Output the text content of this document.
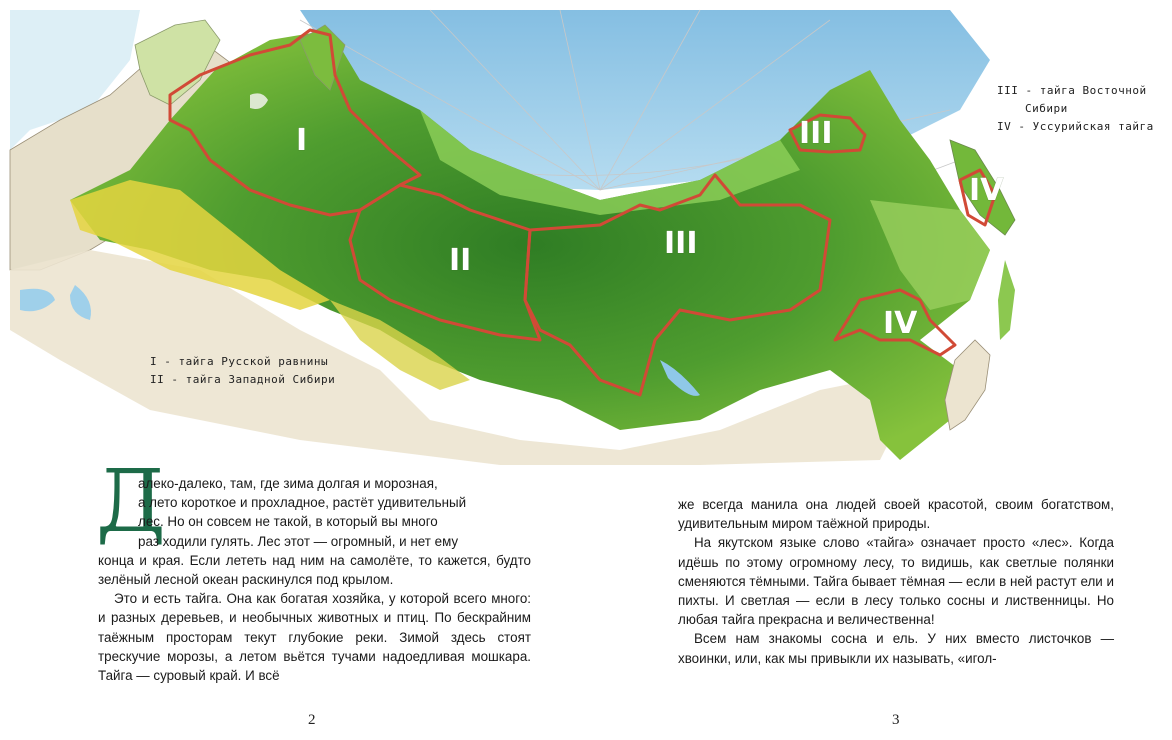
I
II	III
III
IV
IV
I - тайга Русской равнины
II - тайга Западной Сибири
III - тайга Восточной
Сибири
IV - Уссурийская тайга
Д
алеко-далеко, там, где зима долгая и морозная,
а лето короткое и прохладное, растёт удивительный
лес. Но он совсем не такой, в который вы много
раз ходили гулять. Лес этот — огромный, и нет ему

конца и края. Если лететь над ним на самолёте, то кажется, будто зелёный лесной океан раскинулся под крылом.

Это и есть тайга. Она как богатая хозяйка, у которой всего много: и разных деревьев, и необычных животных и птиц. По бескрайним таёжным просторам текут глубокие реки. Зимой здесь стоят трескучие морозы, а летом вьётся тучами надоедливая мошкара. Тайга — суровый край. И всё

же всегда манила она людей своей красотой, своим богатством, удивительным миром таёжной природы.

На якутском языке слово «тайга» означает просто «лес». Когда идёшь по этому огромному лесу, то видишь, как светлые полянки сменяются тёмными. Тайга бывает тёмная — если в ней растут ели и пихты. И светлая — если в лесу только сосны и лиственницы. Но любая тайга прекрасна и величественна!

Всем нам знакомы сосна и ель. У них вместо листочков — хвоинки, или, как мы привыкли их называть, «игол-

2	3
